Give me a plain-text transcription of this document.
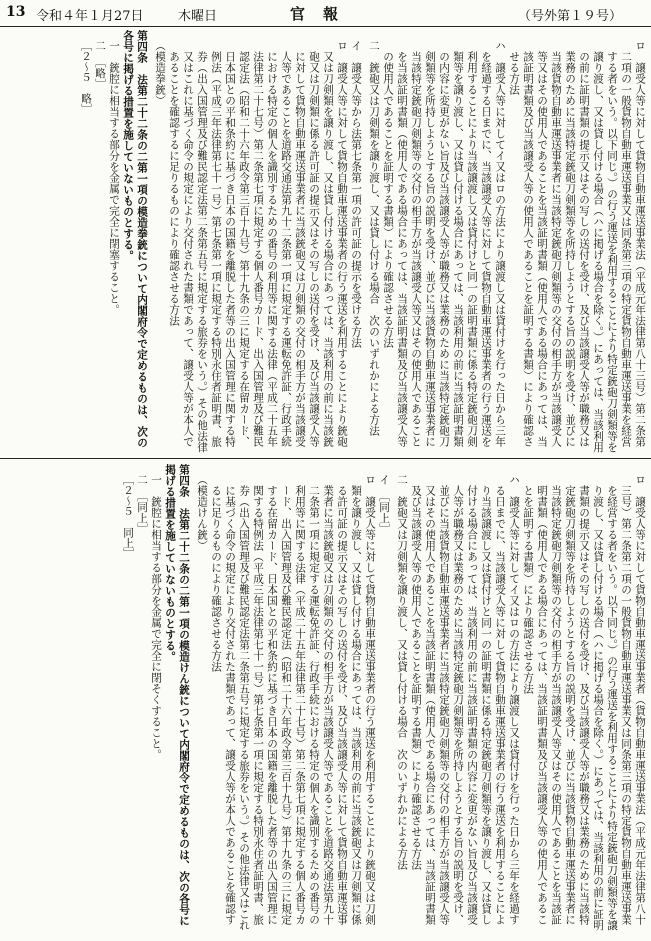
13 令和４年１月27日	木曜日	官報	（号外第１９号）

ロ　譲受人等に対して貨物自動車運送事業法（平成元年法律第八十三号）第二条第二項の一般貨物自動車運送事業又は同条第三項の特定貨物自動車運送事業を経営する者をいう。以下同じ。）の行う運送を利用することにより特定銃砲刀剣類等を譲り渡し、又は貸し付ける場合（ハに掲げる場合を除く。）にあっては、当該利用の前に証明書類の提示又はその写しの送付を受け、及び当該譲受人等が職務又は業務のために当該特定銃砲刀剣類等を所持しようとする旨の説明を受け、並びに当該貨物自動車運送事業者に当該特定銃砲刀剣類等の交付の相手方が当該譲受人等又はその使用人であることを当該証明書類（使用人である場合にあっては、当該証明書類及び当該譲受人等の使用人であることを証明する書類）により確認させる方法

ハ　譲受人等に対してイ又はロの方法により譲渡し又は貸付けを行った日から三年を経過する日までに、当該譲受人等に対して貨物自動車運送事業者の行う運送を利用することにより当該譲渡し又は貸付けと同一の証明書類に係る特定銃砲刀剣類等を譲り渡し、又は貸し付ける場合にあっては、当該利用の前に当該証明書類の内容に変更がない旨及び当該譲受人等が職務又は業務のために当該特定銃砲刀剣類等を所持しようとする旨の説明を受け、並びに当該貨物自動車運送事業者に当該特定銃砲刀剣類等の交付の相手方が当該譲受人等又はその使用人であることを当該証明書類（使用人である場合にあっては、当該証明書類及び当該譲受人等の使用人であることを証明する書類）により確認させる方法

二　銃砲又は刀剣類を譲り渡し、又は貸し付ける場合　次のいずれかによる方法

イ　譲受人等から法第七条第一項の許可証の提示を受ける方法

ロ　譲受人等に対して貨物自動車運送事業者の行う運送を利用することにより銃砲又は刀剣類を譲り渡し、又は貸し付ける場合にあっては、当該利用の前に当該銃砲又は刀剣類に係る許可証の提示又はその写しの送付を受け、及び当該譲受人等に対して貨物自動車運送事業者に当該銃砲又は刀剣類の交付の相手方が当該譲受人等であることを道路交通法第九十二条第一項に規定する運転免許証、行政手続における特定の個人を識別するための番号の利用等に関する法律（平成二十五年法律第二十七号）第二条第七項に規定する個人番号カード、出入国管理及び難民認定法（昭和二十六年政令第三百十九号）第十九条の三に規定する在留カード、日本国との平和条約に基づき日本の国籍を離脱した者等の出入国管理に関する特例法（平成三年法律第七十一号）第七条第一項に規定する特別永住者証明書、旅券（出入国管理及び難民認定法第二条第五号に規定する旅券をいう。）その他法律又はこれに基づく命令の規定により交付された書類であって、譲受人等が本人であることを確認するに足りるものにより確認させる方法

（模造拳銃）

第四条　法第二十二条の二第一項の模造拳銃について内閣府令で定めるものは、次の各号に掲げる措置を施していないものとする。

一　銃腔に相当する部分を金属で完全に閉塞すること。

二　［略］

［２〜５　略］

ロ　譲受人等に対して貨物自動車運送事業者（貨物自動車運送事業法（平成元年法律第八十三号）第二条第二項の一般貨物自動車運送事業又は同条第三項の特定貨物自動車運送事業を経営する者をいう。以下同じ。）の行う運送を利用することにより特定銃砲刀剣類等を譲り渡し、又は貸し付ける場合（ハに掲げる場合を除く。）にあっては、当該利用の前に証明書類の提示又はその写しの送付を受け、及び当該譲受人等が職務又は業務のために当該特定銃砲刀剣類等を所持しようとする旨の説明を受け、並びに当該貨物自動車運送事業者に当該特定銃砲刀剣類等の交付の相手方が当該譲受人等又はその使用人であることを当該証明書類（使用人である場合にあっては、当該証明書類及び当該譲受人等の使用人であることを証明する書類）により確認させる方法

ハ　譲受人等に対してイ又はロの方法により譲渡し又は貸付けを行った日から三年を経過する日までに、当該譲受人等に対して貨物自動車運送事業者の行う運送を利用することにより当該譲渡し又は貸付けと同一の証明書類に係る特定銃砲刀剣類等を譲り渡し、又は貸し付ける場合にあっては、当該利用の前に当該証明書類の内容に変更がない旨及び当該譲受人等が職務又は業務のために当該特定銃砲刀剣類等を所持しようとする旨の説明を受け、並びに当該貨物自動車運送事業者に当該特定銃砲刀剣類等の交付の相手方が当該譲受人等又はその使用人であることを当該証明書類（使用人である場合にあっては、当該証明書類及び当該譲受人等の使用人であることを証明する書類）により確認させる方法

二　銃砲又は刀剣類を譲り渡し、又は貸し付ける場合　次のいずれかによる方法

イ　［同上］

ロ　譲受人等に対して貨物自動車運送事業者の行う運送を利用することにより銃砲又は刀剣類を譲り渡し、又は貸し付ける場合にあっては、当該利用の前に当該銃砲又は刀剣類に係る許可証の提示又はその写しの送付を受け、及び当該譲受人等に対して貨物自動車運送事業者に当該銃砲又は刀剣類の交付の相手方が当該譲受人等であることを道路交通法第九十二条第一項に規定する運転免許証、行政手続における特定の個人を識別するための番号の利用等に関する法律（平成二十五年法律第二十七号）第二条第七項に規定する個人番号カード、出入国管理及び難民認定法（昭和二十六年政令第三百十九号）第十九条の三に規定する在留カード、日本国との平和条約に基づき日本の国籍を離脱した者等の出入国管理に関する特例法（平成三年法律第七十一号）第七条第一項に規定する特別永住者証明書、旅券（出入国管理及び難民認定法第二条第五号に規定する旅券をいう。）その他法律又はこれに基づく命令の規定により交付された書類であって、譲受人等が本人であることを確認するに足りるものにより確認させる方法

（模造けん銃）

第四条　法第二十二条の二第一項の模造けん銃について内閣府令で定めるものは、次の各号に掲げる措置を施していないものとする。

一　銃腔に相当する部分を金属で完全に閉そくすること。

二　［同上］

［２〜５　同上］
